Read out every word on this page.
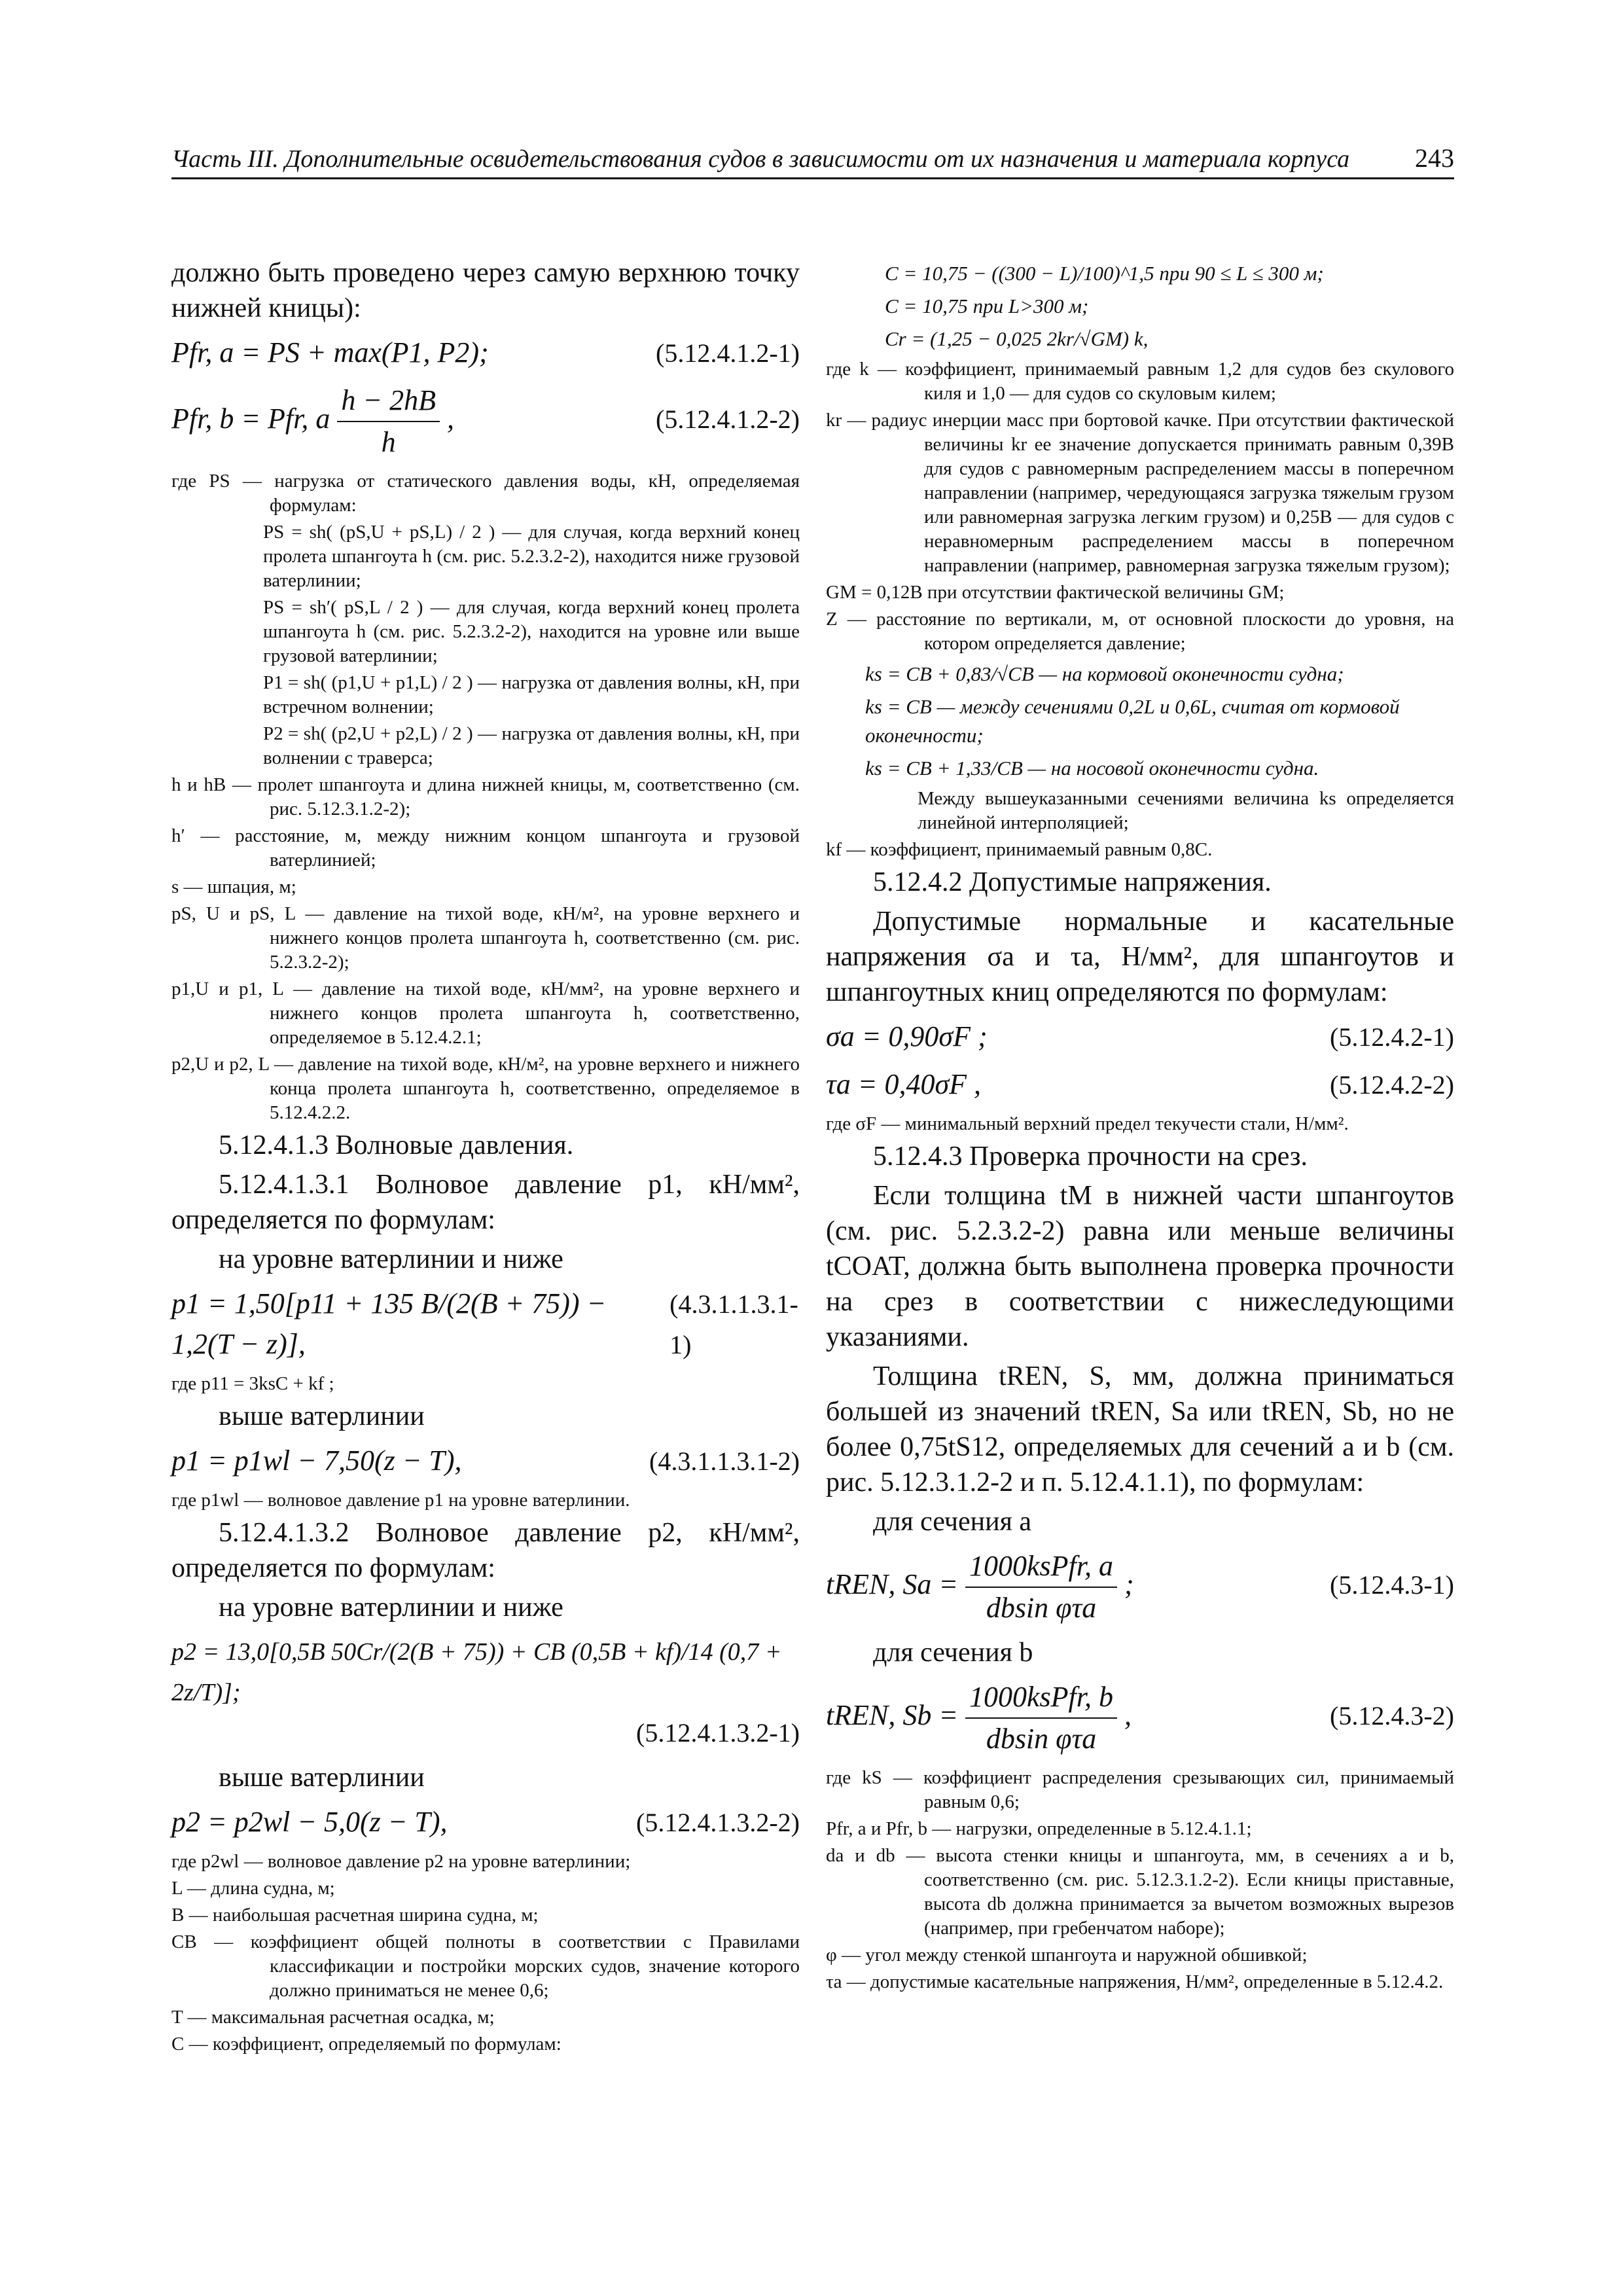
Часть III. Дополнительные освидетельствования судов в зависимости от их назначения и материала корпуса 243

должно быть проведено через самую верхнюю точку нижней кницы):

Pfr, a = PS + max(P1, P2);	(5.12.4.1.2-1)
Pfr, b = Pfr, a $\frac{h - 2hB}{h}$ ,	(5.12.4.1.2-2)

где PS — нагрузка от статического давления воды, кН, определяемая формулам:

PS = sh( (pS,U + pS,L) / 2 ) — для случая, когда верхний конец пролета шпангоута h (см. рис. 5.2.3.2-2), находится ниже грузовой ватерлинии;

PS = sh′( pS,L / 2 ) — для случая, когда верхний конец пролета шпангоута h (см. рис. 5.2.3.2-2), находится на уровне или выше грузовой ватерлинии;

P1 = sh( (p1,U + p1,L) / 2 ) — нагрузка от давления волны, кН, при встречном волнении;

P2 = sh( (p2,U + p2,L) / 2 ) — нагрузка от давления волны, кН, при волнении с траверса;

h и hB — пролет шпангоута и длина нижней кницы, м, соответственно (см. рис. 5.12.3.1.2-2);

h′ — расстояние, м, между нижним концом шпангоута и грузовой ватерлинией;

s — шпация, м;

pS, U и pS, L — давление на тихой воде, кН/м², на уровне верхнего и нижнего концов пролета шпангоута h, соответственно (см. рис. 5.2.3.2-2);

p1,U и p1, L — давление на тихой воде, кН/мм², на уровне верхнего и нижнего концов пролета шпангоута h, соответственно, определяемое в 5.12.4.2.1;

p2,U и p2, L — давление на тихой воде, кН/м², на уровне верхнего и нижнего конца пролета шпангоута h, соответственно, определяемое в 5.12.4.2.2.

5.12.4.1.3 Волновые давления.

5.12.4.1.3.1 Волновое давление p1, кН/мм², определяется по формулам:

на уровне ватерлинии и ниже

p1 = 1,50[p11 + 135 B/(2(B + 75)) − 1,2(T − z)],
(4.3.1.1.3.1-1)

где p11 = 3ksC + kf ;

выше ватерлинии

p1 = p1wl − 7,50(z − T),	(4.3.1.1.3.1-2)

где p1wl — волновое давление p1 на уровне ватерлинии.

5.12.4.1.3.2 Волновое давление p2, кН/мм², определяется по формулам:

на уровне ватерлинии и ниже

p2 = 13,0[0,5B 50Cr/(2(B + 75)) + CB (0,5B + kf)/14 (0,7 + 2z/T)];
(5.12.4.1.3.2-1)

выше ватерлинии

p2 = p2wl − 5,0(z − T),	(5.12.4.1.3.2-2)

где p2wl — волновое давление p2 на уровне ватерлинии;

L — длина судна, м;

B — наибольшая расчетная ширина судна, м;

CB — коэффициент общей полноты в соответствии с Правилами классификации и постройки морских судов, значение которого должно приниматься не менее 0,6;

T — максимальная расчетная осадка, м;

C — коэффициент, определяемый по формулам:

C = 10,75 − ((300 − L)/100)^1,5 при 90 ≤ L ≤ 300 м;

C = 10,75 при L>300 м;

Cr = (1,25 − 0,025 2kr/√GM) k,

где k — коэффициент, принимаемый равным 1,2 для судов без скулового киля и 1,0 — для судов со скуловым килем;

kr — радиус инерции масс при бортовой качке. При отсутствии фактической величины kr ее значение допускается принимать равным 0,39B для судов с равномерным распределением массы в поперечном направлении (например, чередующаяся загрузка тяжелым грузом или равномерная загрузка легким грузом) и 0,25B — для судов с неравномерным распределением массы в поперечном направлении (например, равномерная загрузка тяжелым грузом);

GM = 0,12B при отсутствии фактической величины GM;

Z — расстояние по вертикали, м, от основной плоскости до уровня, на котором определяется давление;

ks = CB + 0,83/√CB — на кормовой оконечности судна;

ks = CB — между сечениями 0,2L и 0,6L, считая от кормовой оконечности;

ks = CB + 1,33/CB — на носовой оконечности судна.

Между вышеуказанными сечениями величина ks определяется линейной интерполяцией;

kf — коэффициент, принимаемый равным 0,8C.

5.12.4.2 Допустимые напряжения.

Допустимые нормальные и касательные напряжения σa и τa, Н/мм², для шпангоутов и шпангоутных книц определяются по формулам:

σa = 0,90σF ;	(5.12.4.2-1)
τa = 0,40σF ,	(5.12.4.2-2)

где σF — минимальный верхний предел текучести стали, Н/мм².

5.12.4.3 Проверка прочности на срез.

Если толщина tM в нижней части шпангоутов (см. рис. 5.2.3.2-2) равна или меньше величины tCOAT, должна быть выполнена проверка прочности на срез в соответствии с нижеследующими указаниями.

Толщина tREN, S, мм, должна приниматься большей из значений tREN, Sa или tREN, Sb, но не более 0,75tS12, определяемых для сечений a и b (см. рис. 5.12.3.1.2-2 и п. 5.12.4.1.1), по формулам:

для сечения a

tREN, $Sa = \frac{\text{1000ksPfr, a}}{\text{dbsin φτa}}$ ;	(5.12.4.3-1)

для сечения b

tREN, $Sb = \frac{\text{1000ksPfr, b}}{\text{dbsin φτa}}$ ,	(5.12.4.3-2)

где kS — коэффициент распределения срезывающих сил, принимаемый равным 0,6;

Pfr, a и Pfr, b — нагрузки, определенные в 5.12.4.1.1;

da и db — высота стенки кницы и шпангоута, мм, в сечениях a и b, соответственно (см. рис. 5.12.3.1.2-2). Если кницы приставные, высота db должна принимается за вычетом возможных вырезов (например, при гребенчатом наборе);

φ — угол между стенкой шпангоута и наружной обшивкой;

τa — допустимые касательные напряжения, Н/мм², определенные в 5.12.4.2.
